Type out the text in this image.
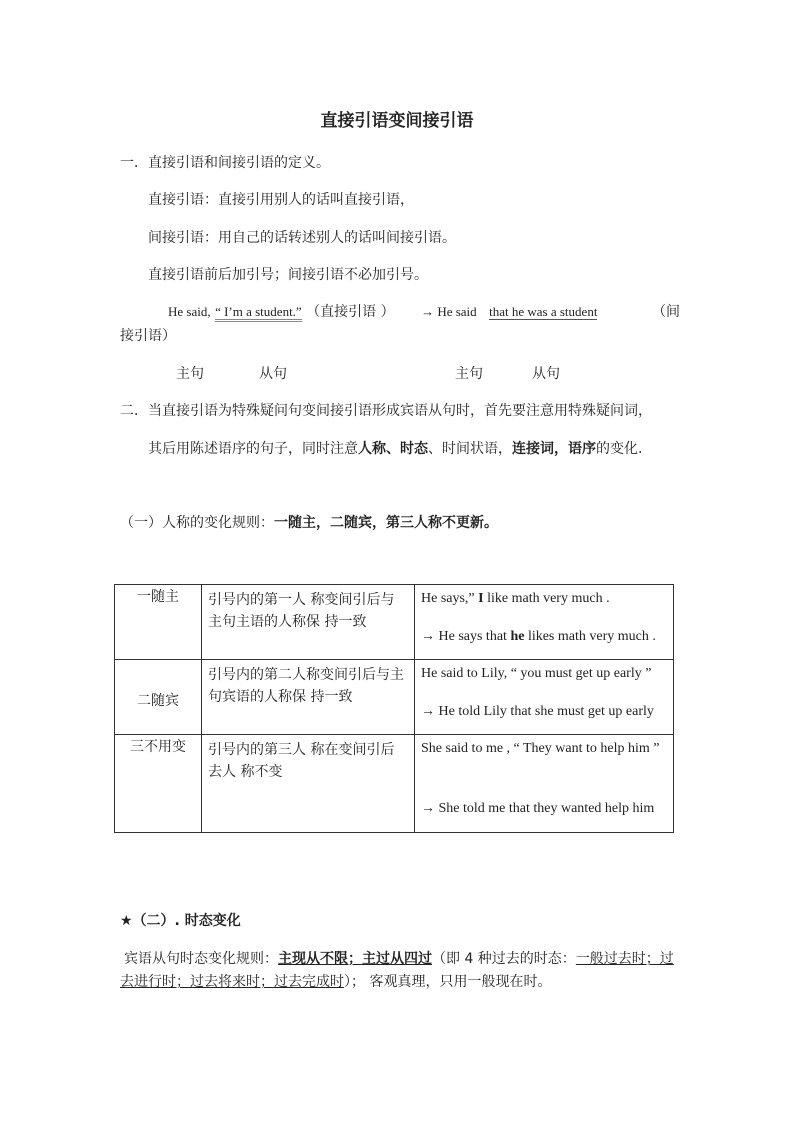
直接引语变间接引语
一．直接引语和间接引语的定义。
直接引语：直接引用别人的话叫直接引语，
间接引语：用自己的话转述别人的话叫间接引语。
直接引语前后加引号；间接引语不必加引号。
He said, “ I’m a student.” （直接引语 ） → He said that he was a student	（间
接引语）
主句	从句	主句	从句
二．当直接引语为特殊疑问句变间接引语形成宾语从句时，首先要注意用特殊疑问词，
其后用陈述语序的句子，同时注意人称、时态、时间状语，连接词，语序的变化.
（一）人称的变化规则：一随主，二随宾，第三人称不更新。
一随主	引号内的第一人 称变间引后与主句主语的人称保 持一致	He says,” I like math very much .
→ He says that he likes math very much .

二随宾	引号内的第二人称变间引后与主句宾语的人称保 持一致	He said to Lily, “ you must get up early ”
→ He told Lily that she must get up early

三不用变	引号内的第三人 称在变间引后去人 称不变	She said to me , “ They want to help him ”
→ She told me that they wanted help him
★（二）. 时态变化
宾语从句时态变化规则：主现从不限；主过从四过（即 4 种过去的时态：一般过去时；过
去进行时；过去将来时；过去完成时）； 客观真理，只用一般现在时。
